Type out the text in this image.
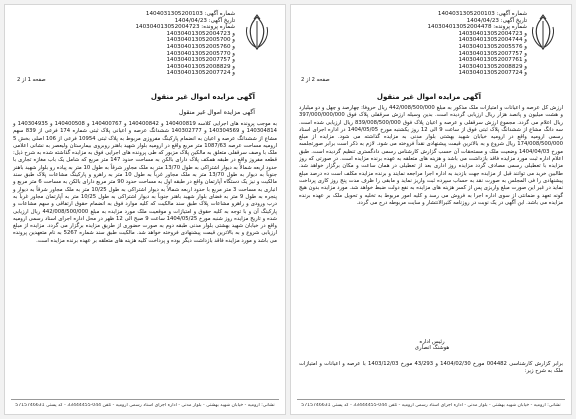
شماره آگهی: 1404031305200103
تاریخ آگهی: 1404/04/23
شماره پرونده: 140304013052004723
و 140304013052004723
و 140304013052005700
و 140304013052005760
و 140304013052005770
و 140304013052007757
و 140304013052008829
و 140304013052007724
صفحه 1 از 2
آگهی مزایده اموال غیر منقول
آگهی مزایده اموال غیر منقول
به موجب پرونده های اجرایی کلاسه 140400819 و 140400842 و 140400767 و 140400508 و 140304935 و 140304814 و 140304569 و 140302777 ششدانگ عرصه و اعیانی پلاک ثبتی شماره 174 فرعی از 839 سهم مشاع از ششدانگ عرصه و اعیان به انضمام پارکینگ مفروزی مربوط به پلاک ثبتی 10954 فرعی از 106 اصلی بخش 5 ارومیه مساحت عرصه 1087/63 متر مربع واقع در ارومیه بلوار شهید باهنر روبروی بیمارستان ولیعصر به نشانی اعلامی ملک با وصف سرقفلی متعلق به مالکین پلاک مزبور که طی پرونده های اجرایی فوق به مزایده گذاشته شده به شرح ذیل: قطعه مفروز واقع در طبقه همکف پلاک دارای بالکن به مساحت حدود 147 متر مربع که شامل یک باب مغازه تجاری با حدود اربعه شمالاً به دیوار اشتراکی به طول 13/70 متر به ملک مجاور شرقاً به طول 10 متر به پیاده رو بلوار شهید باهنر جنوباً به دیوار به طول 13/70 متر به ملک مجاور غرباً به طول 10 متر به راهرو و پارکینگ مشاعات پلاک طبق سند مالکیت و نیز یک دستگاه آپارتمان واقع در طبقه اول به مساحت حدود 90 متر مربع دارای بالکن به مساحت 6 متر مربع و انباری به مساحت 3 متر مربع با حدود اربعه شمالاً به دیوار اشتراکی به طول 10/25 متر به ملک مجاور شرقاً به دیوار و پنجره به طول 9 متر به فضای بلوار شهید باهنر جنوباً به دیوار اشتراکی به طول 10/25 متر به آپارتمان مجاور غرباً به درب ورودی و راهرو مشاعات پلاک طبق سند مالکیت که کلیه موارد فوق به انضمام حقوق ارتفاقی و سهم مشاعات و پارکینگ آن و با توجه به کلیه حقوق و امتیازات و موقعیت ملک مورد مزایده به مبلغ 442/008/500/000 ریال ارزیابی شده و تاریخ مزایده روز شنبه مورخ 1404/05/25 ساعت 9 صبح الی 12 ظهر در محل اداره اجرای اسناد رسمی ارومیه واقع در خیابان شهید بهشتی بلوار مدنی طبقه دوم به صورت حضوری از طریق مزایده برگزار می گردد. مزایده از مبلغ ارزیابی شروع و به بالاترین قیمت پیشنهادی فروخته خواهد شد. مالکیت طبق سند شماره 5267 به نام متعهدین پرونده می باشد و مورد مزایده فاقد بازداشت دیگر بوده و پرداخت کلیه هزینه های متعلقه بر عهده برنده مزایده است.
نشانی: ارومیه - خیابان شهید بهشتی - بلوار مدنی - اداره اجرای اسناد رسمی ارومیه - تلفن 044-33444455 - کد پستی 5715746631
شماره آگهی: 1404031305200103
تاریخ آگهی: 1404/04/23
شماره پرونده: 140304013052004478
و 140304013052004723
و 140304013052004744
و 140304013052005576
و 140304013052007757
و 140304013052007761
و 140304013052008829
و 140304013052007724
صفحه 2 از 2
آگهی مزایده اموال غیر منقول
ارزش کل عرصه و اعیانات و امتیازات ملک مذکور به مبلغ 442/008/500/000 ریال حروفاً: چهارصد و چهل و دو میلیارد و هشت میلیون و پانصد هزار ریال ارزیابی گردیده است. بدین وسیله ارزش سرقفلی پلاک فوق 397/000/000/000 ریال اعلام می گردد. مجموع ارزش سرقفلی و عرصه و اعیان پلاک فوق 839/008/500/000 ریال ارزیابی شده است. سه دانگ مشاع از ششدانگ پلاک ثبتی فوق از ساعت 9 الی 12 روز یکشنبه مورخ 1404/05/05 در اداره اجرای اسناد رسمی ارومیه واقع در ارومیه خیابان شهید بهشتی بلوار مدنی به مزایده گذاشته می شود. مزایده از مبلغ 174/008/500/000 ریال شروع و به بالاترین قیمت پیشنهادی نقداً فروخته می شود. لازم به ذکر است برابر صورتجلسه مورخ 1404/04/03 وضعیت ملک و مستحقات آن حسب گزارش کارشناس رسمی دادگستری تنظیم گردیده است. طبق اعلام اداره ثبت مورد مزایده فاقد بازداشت می باشد و هزینه های متعلقه به عهده برنده مزایده است. در صورتی که روز مزایده با تعطیلی رسمی مصادف گردد مزایده روز اداری بعد از تعطیلی در همان ساعت و مکان برگزار خواهد شد. طالبین خرید می توانند قبل از مزایده جهت بازدید به اداره اجرا مراجعه نمایند و برنده مزایده مکلف است ده درصد مبلغ پیشنهادی را فی المجلس به صورت نقد به حساب سپرده ثبت واریز نماید و مابقی را ظرف مدت پنج روز کاری پرداخت نماید در غیر این صورت مبلغ واریزی پس از کسر هزینه های مزایده به نفع دولت ضبط خواهد شد. مورد مزایده بدون هیچ گونه تعهد و ضمانتی از سوی اداره اجرا به فروش می رسد و کلیه امور مربوط به تخلیه و تحویل ملک بر عهده برنده مزایده می باشد. این آگهی در یک نوبت در روزنامه کثیرالانتشار و سایت مربوطه درج می گردد.
رئیس اداره
هوشنگ انصاری
برابر گزارش کارشناسی 004482 مورخ 1404/02/30 و 43/293 مورخ 1403/12/03 با عرصه و اعیانات و امتیازات ملک به شرح زیر:
نشانی: ارومیه - خیابان شهید بهشتی - بلوار مدنی - اداره اجرای اسناد رسمی ارومیه - تلفن 044-33444455 - کد پستی 5715746631
